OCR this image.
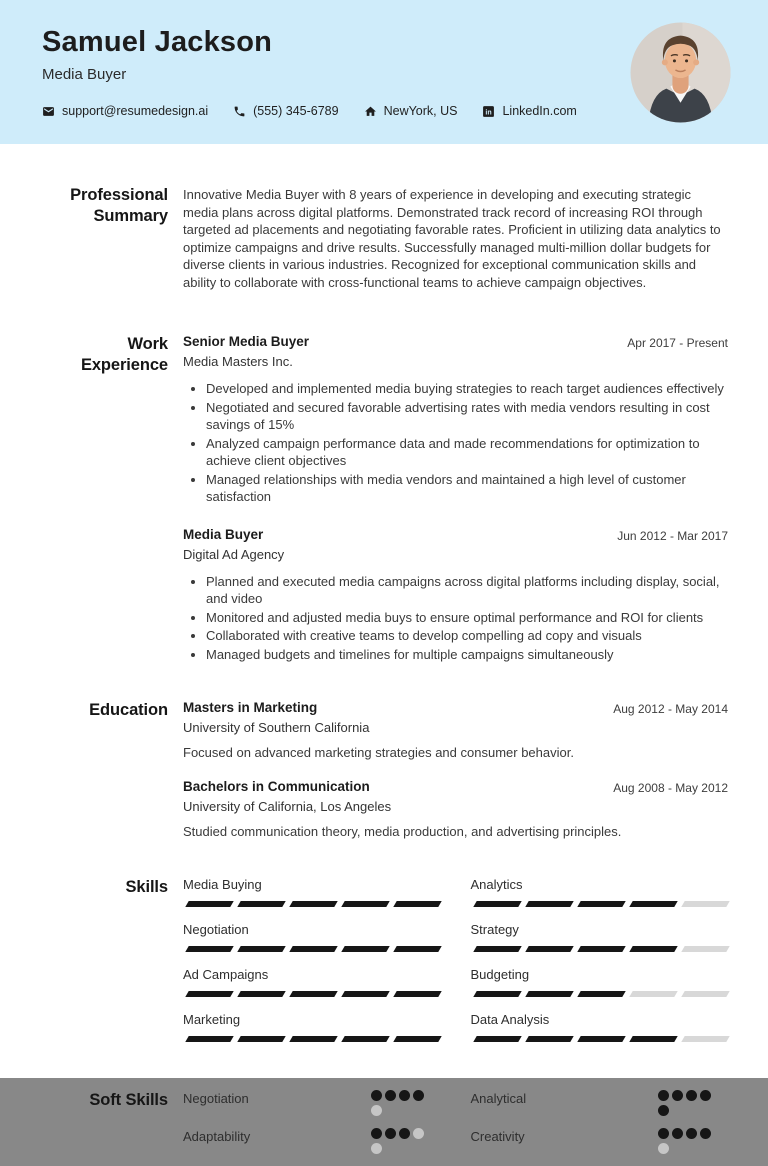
Samuel Jackson
Media Buyer
support@resumedesign.ai	(555) 345-6789	NewYork, US in LinkedIn.com
Professional
Summary

Innovative Media Buyer with 8 years of experience in developing and executing strategic media plans across digital platforms. Demonstrated track record of increasing ROI through targeted ad placements and negotiating favorable rates. Proficient in utilizing data analytics to optimize campaigns and drive results. Successfully managed multi-million dollar budgets for diverse clients in various industries. Recognized for exceptional communication skills and ability to collaborate with cross-functional teams to achieve campaign objectives.

Work
Experience
Senior Media Buyer
Media Masters Inc.
Apr 2017 - Present
• Developed and implemented media buying strategies to reach target audiences effectively
• Negotiated and secured favorable advertising rates with media vendors resulting in cost savings of 15%
• Analyzed campaign performance data and made recommendations for optimization to achieve client objectives
• Managed relationships with media vendors and maintained a high level of customer satisfaction
Media Buyer
Digital Ad Agency
Jun 2012 - Mar 2017
• Planned and executed media campaigns across digital platforms including display, social, and video
• Monitored and adjusted media buys to ensure optimal performance and ROI for clients
• Collaborated with creative teams to develop compelling ad copy and visuals
• Managed budgets and timelines for multiple campaigns simultaneously
Education Masters in Marketing
University of Southern California
Aug 2012 - May 2014
Focused on advanced marketing strategies and consumer behavior.
Bachelors in Communication
University of California, Los Angeles
Aug 2008 - May 2012
Studied communication theory, media production, and advertising principles.
Skills Media Buying
Negotiation
Ad Campaigns
Marketing
Analytics
Strategy
Budgeting
Data Analysis
Soft Skills Negotiation
Adaptability
Analytical
Creativity
